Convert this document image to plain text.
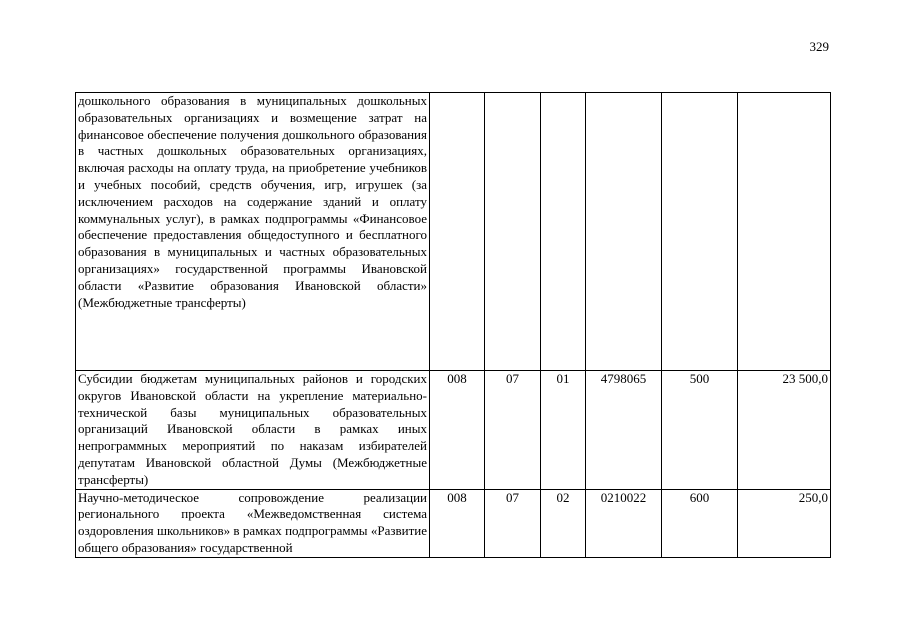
329
дошкольного образования в муниципальных дошкольных образовательных организациях и возмещение затрат на финансовое обеспечение получения дошкольного образования в частных дошкольных образовательных организациях, включая расходы на оплату труда, на приобретение учебников и учебных пособий, средств обучения, игр, игрушек (за исключением расходов на содержание зданий и оплату коммунальных услуг), в рамках подпрограммы «Финансовое обеспечение предоставления общедоступного и бесплатного образования в муниципальных и частных образовательных организациях» государственной программы Ивановской области «Развитие образования Ивановской области» (Межбюджетные трансферты)						
Субсидии бюджетам муниципальных районов и городских округов Ивановской области на укрепление материально-технической базы муниципальных образовательных организаций Ивановской области в рамках иных непрограммных мероприятий по наказам избирателей депутатам Ивановской областной Думы (Межбюджетные трансферты)	008	07	01	4798065	500	23 500,0
Научно-методическое сопровождение реализации регионального проекта «Межведомственная система оздоровления школьников» в рамках подпрограммы «Развитие общего образования» государственной	008	07	02	0210022	600	250,0
